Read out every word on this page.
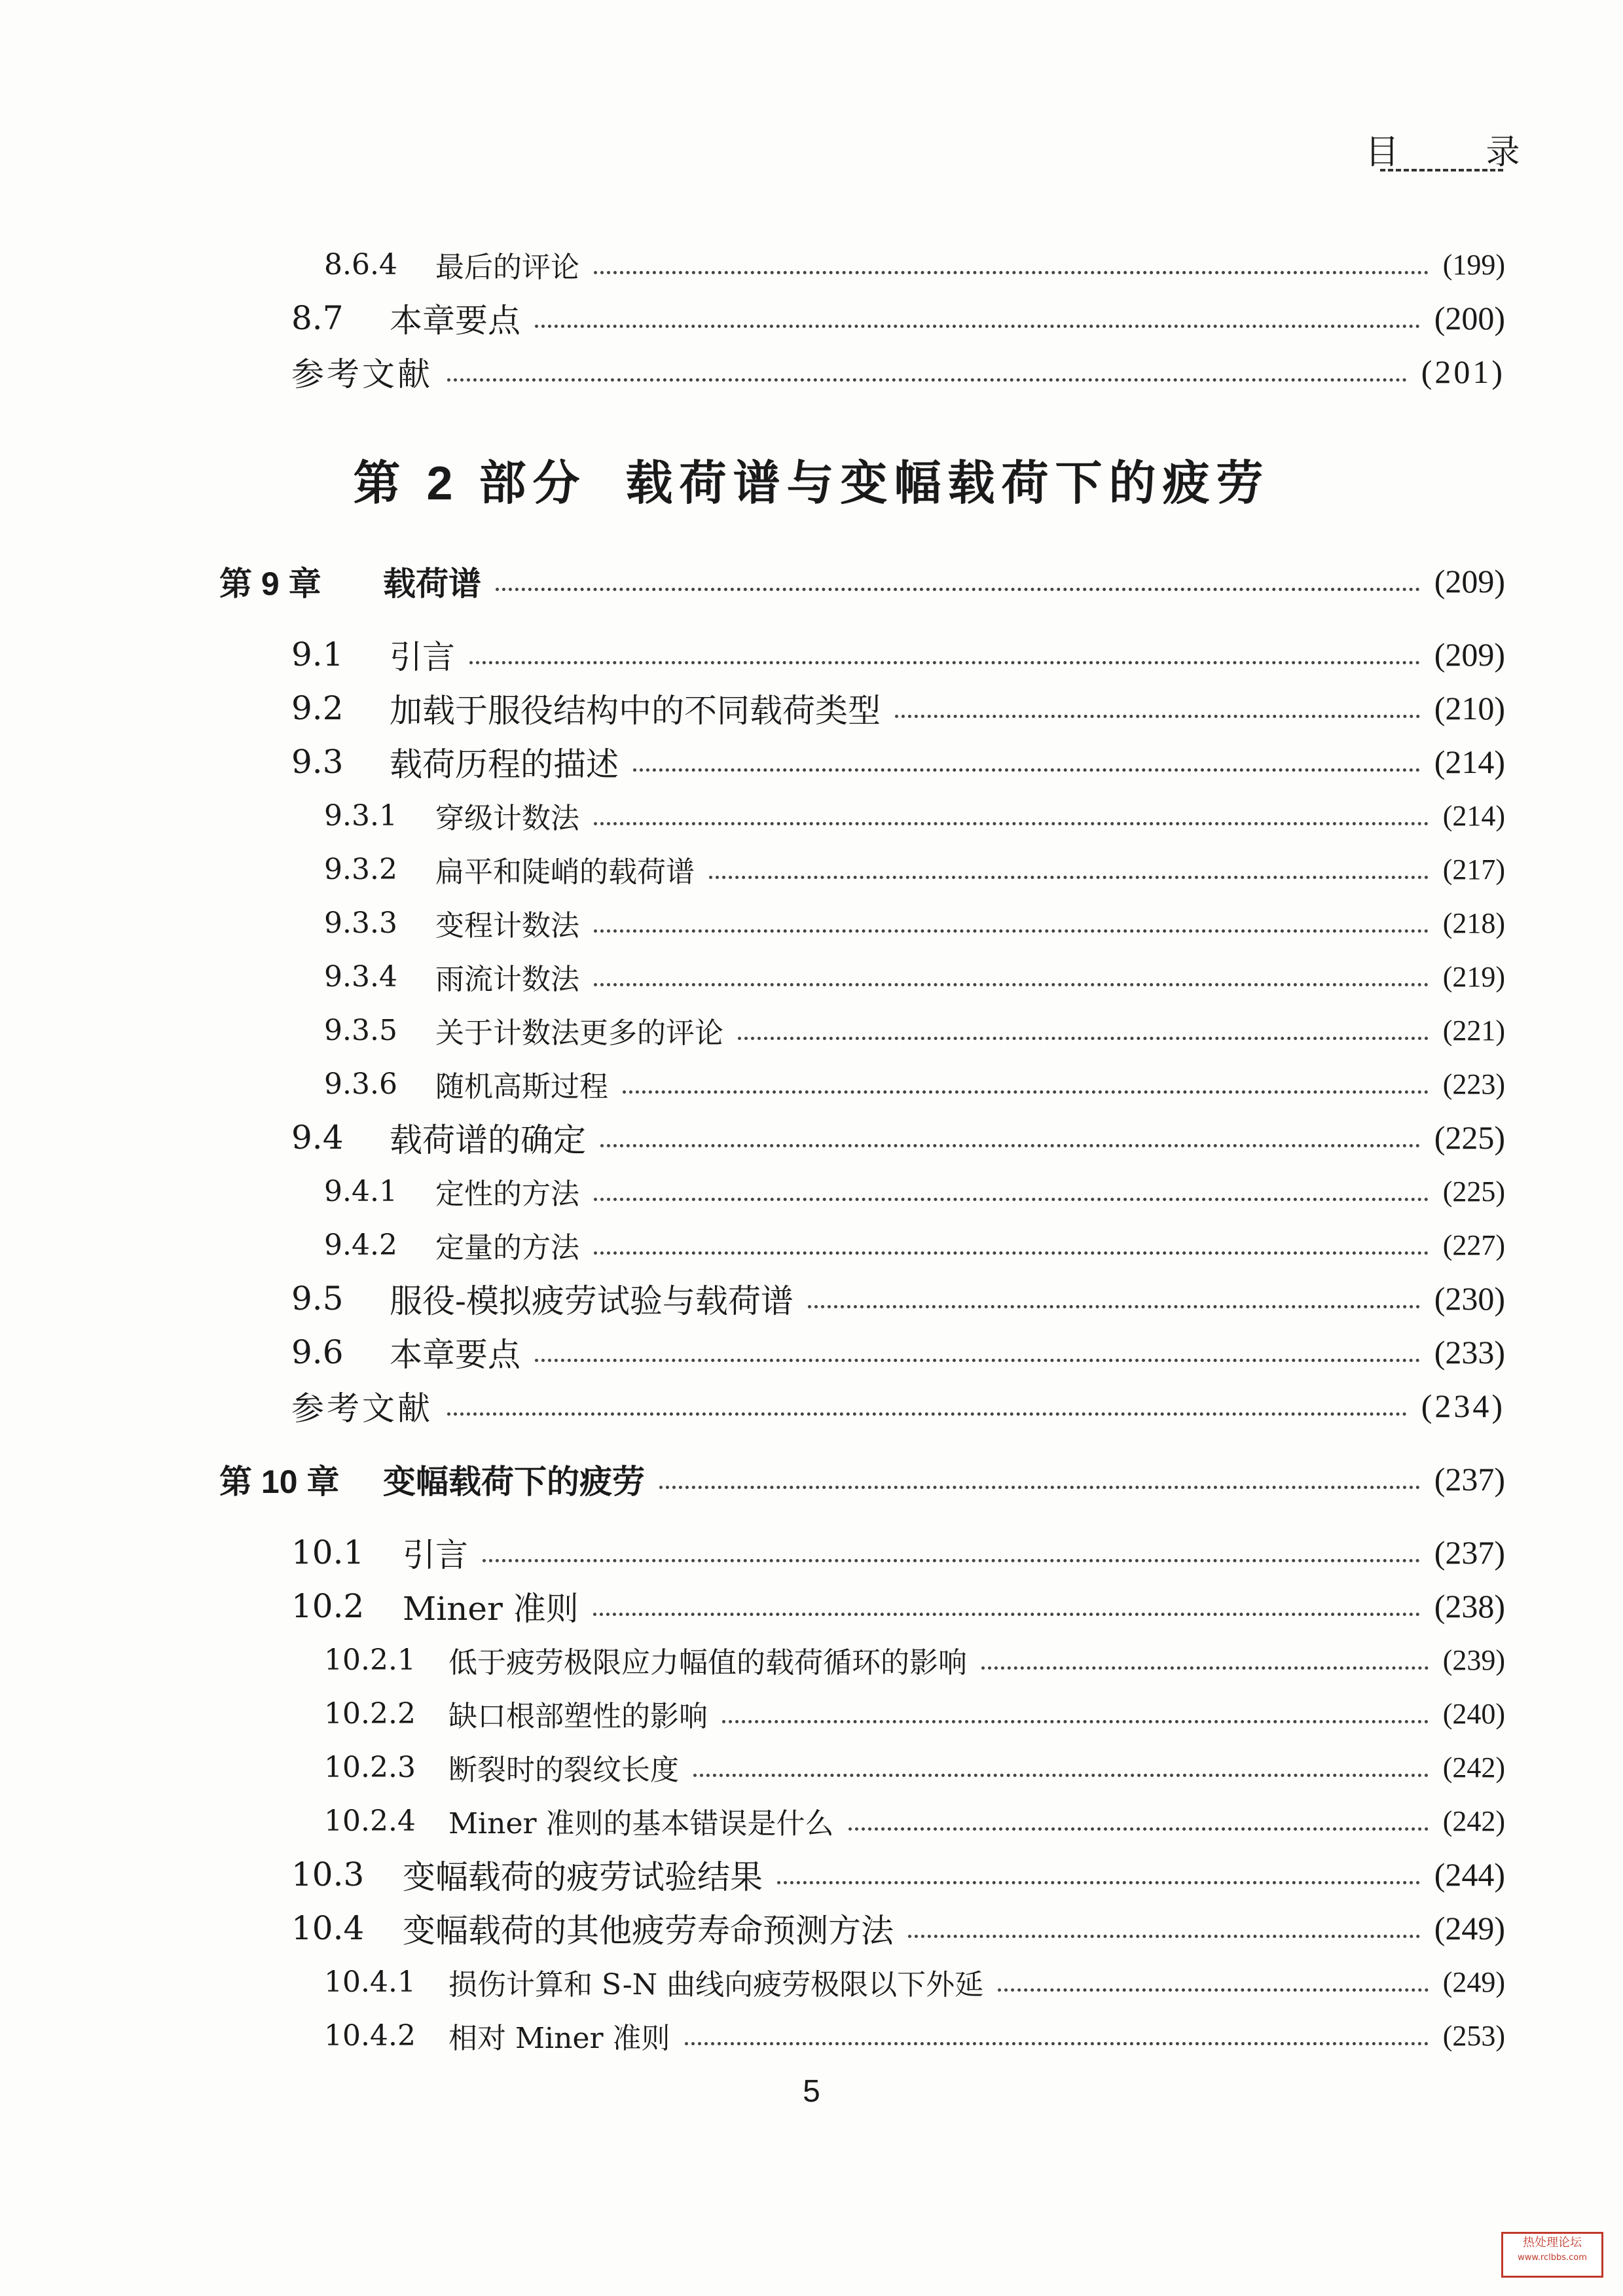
目 录
8.6.4	最后的评论	(199)
8.7	本章要点	(200)
参考文献	(201)
第 2 部分 载荷谱与变幅载荷下的疲劳
第 9 章	载荷谱	(209)
9.1	引言	(209)
9.2	加载于服役结构中的不同载荷类型	(210)
9.3	载荷历程的描述	(214)
9.3.1	穿级计数法	(214)
9.3.2	扁平和陡峭的载荷谱	(217)
9.3.3	变程计数法	(218)
9.3.4	雨流计数法	(219)
9.3.5	关于计数法更多的评论	(221)
9.3.6	随机高斯过程	(223)
9.4	载荷谱的确定	(225)
9.4.1	定性的方法	(225)
9.4.2	定量的方法	(227)
9.5	服役-模拟疲劳试验与载荷谱	(230)
9.6	本章要点	(233)
参考文献	(234)
第 10 章	变幅载荷下的疲劳	(237)
10.1	引言	(237)
10.2	Miner 准则	(238)
10.2.1	低于疲劳极限应力幅值的载荷循环的影响	(239)
10.2.2	缺口根部塑性的影响	(240)
10.2.3	断裂时的裂纹长度	(242)
10.2.4	Miner 准则的基本错误是什么	(242)
10.3	变幅载荷的疲劳试验结果	(244)
10.4	变幅载荷的其他疲劳寿命预测方法	(249)
10.4.1	损伤计算和 S-N 曲线向疲劳极限以下外延	(249)
10.4.2	相对 Miner 准则	(253)
5
热处理论坛
www.rclbbs.com
